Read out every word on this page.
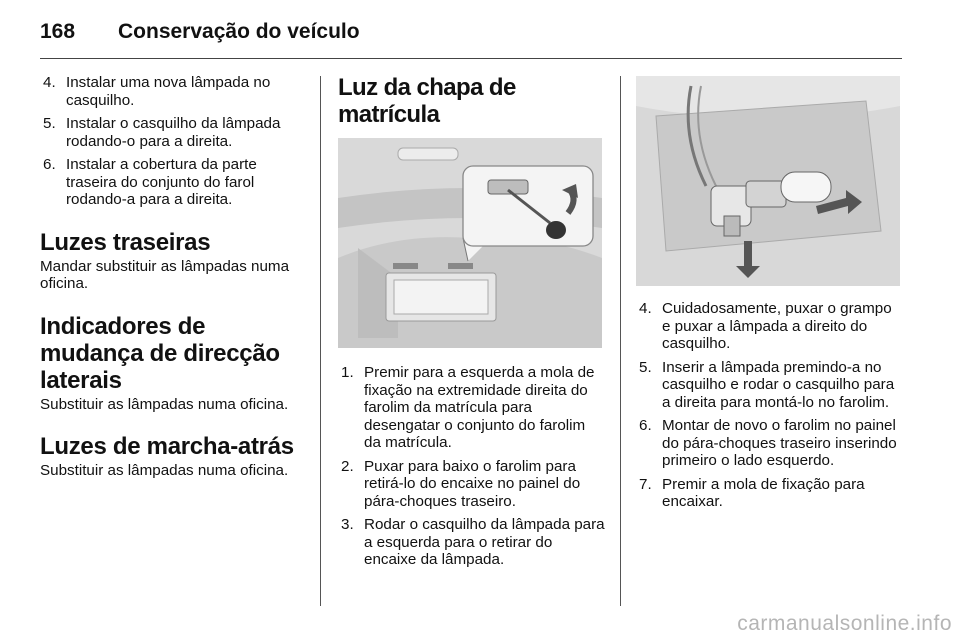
168 Conservação do veículo
4. Instalar uma nova lâmpada no casquilho.
5. Instalar o casquilho da lâmpada rodando-o para a direita.
6. Instalar a cobertura da parte traseira do conjunto do farol rodando-a para a direita.
Luzes traseiras

Mandar substituir as lâmpadas numa oficina.

Indicadores de mudança de direcção laterais

Substituir as lâmpadas numa oficina.

Luzes de marcha-atrás

Substituir as lâmpadas numa oficina.

Luz da chapa de matrícula
1. Premir para a esquerda a mola de fixação na extremidade direita do farolim da matrícula para desengatar o conjunto do farolim da matrícula.
2. Puxar para baixo o farolim para retirá-lo do encaixe no painel do pára-choques traseiro.
3. Rodar o casquilho da lâmpada para a esquerda para o retirar do encaixe da lâmpada.
4. Cuidadosamente, puxar o grampo e puxar a lâmpada a direito do casquilho.
5. Inserir a lâmpada premindo-a no casquilho e rodar o casquilho para a direita para montá-lo no farolim.
6. Montar de novo o farolim no painel do pára-choques traseiro inserindo primeiro o lado esquerdo.
7. Premir a mola de fixação para encaixar.
carmanualsonline.info
